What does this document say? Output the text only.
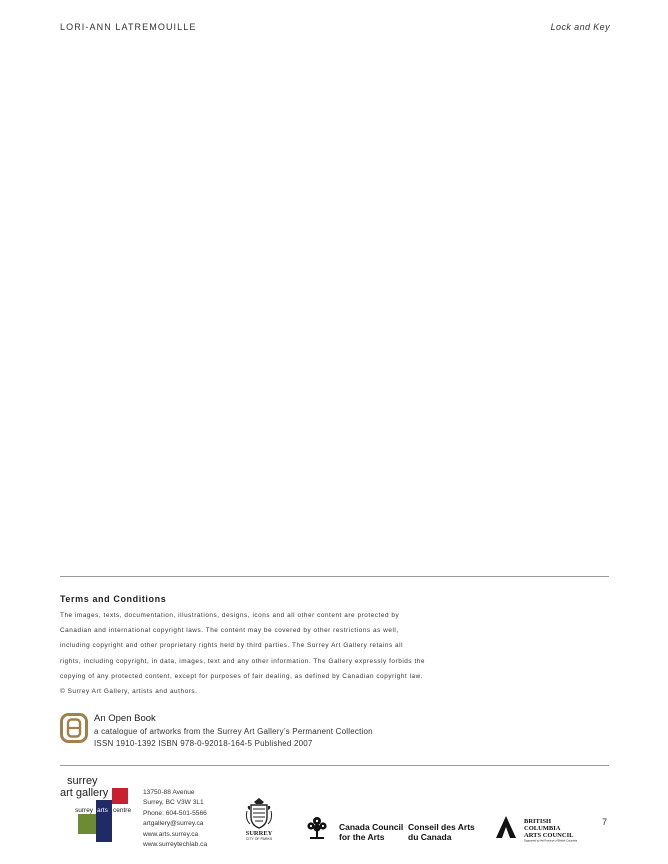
LORI-ANN LATREMOUILLE	Lock and Key
Terms and Conditions
The images, texts, documentation, illustrations, designs, icons and all other content are protected by
Canadian and international copyright laws. The content may be covered by other restrictions as well,
including copyright and other proprietary rights held by third parties. The Surrey Art Gallery retains all
rights, including copyright, in data, images, text and any other information. The Gallery expressly forbids the
copying of any protected content, except for purposes of fair dealing, as defined by Canadian copyright law.
© Surrey Art Gallery, artists and authors.
An Open Book
a catalogue of artworks from the Surrey Art Gallery’s Permanent Collection
ISSN 1910-1392 ISBN 978-0-92018-164-5 Published 2007
surrey
art gallery
surrey arts centre
13750-88 Avenue
Surrey, BC V3W 3L1
Phone: 604-501-5566
artgallery@surrey.ca
www.arts.surrey.ca
www.surreytechlab.ca
SURREY
CITY OF PARKS
Canada Council
for the Arts
Conseil des Arts
du Canada
BRITISH
COLUMBIA
ARTS COUNCIL
Supported by the Province of British Columbia
7
